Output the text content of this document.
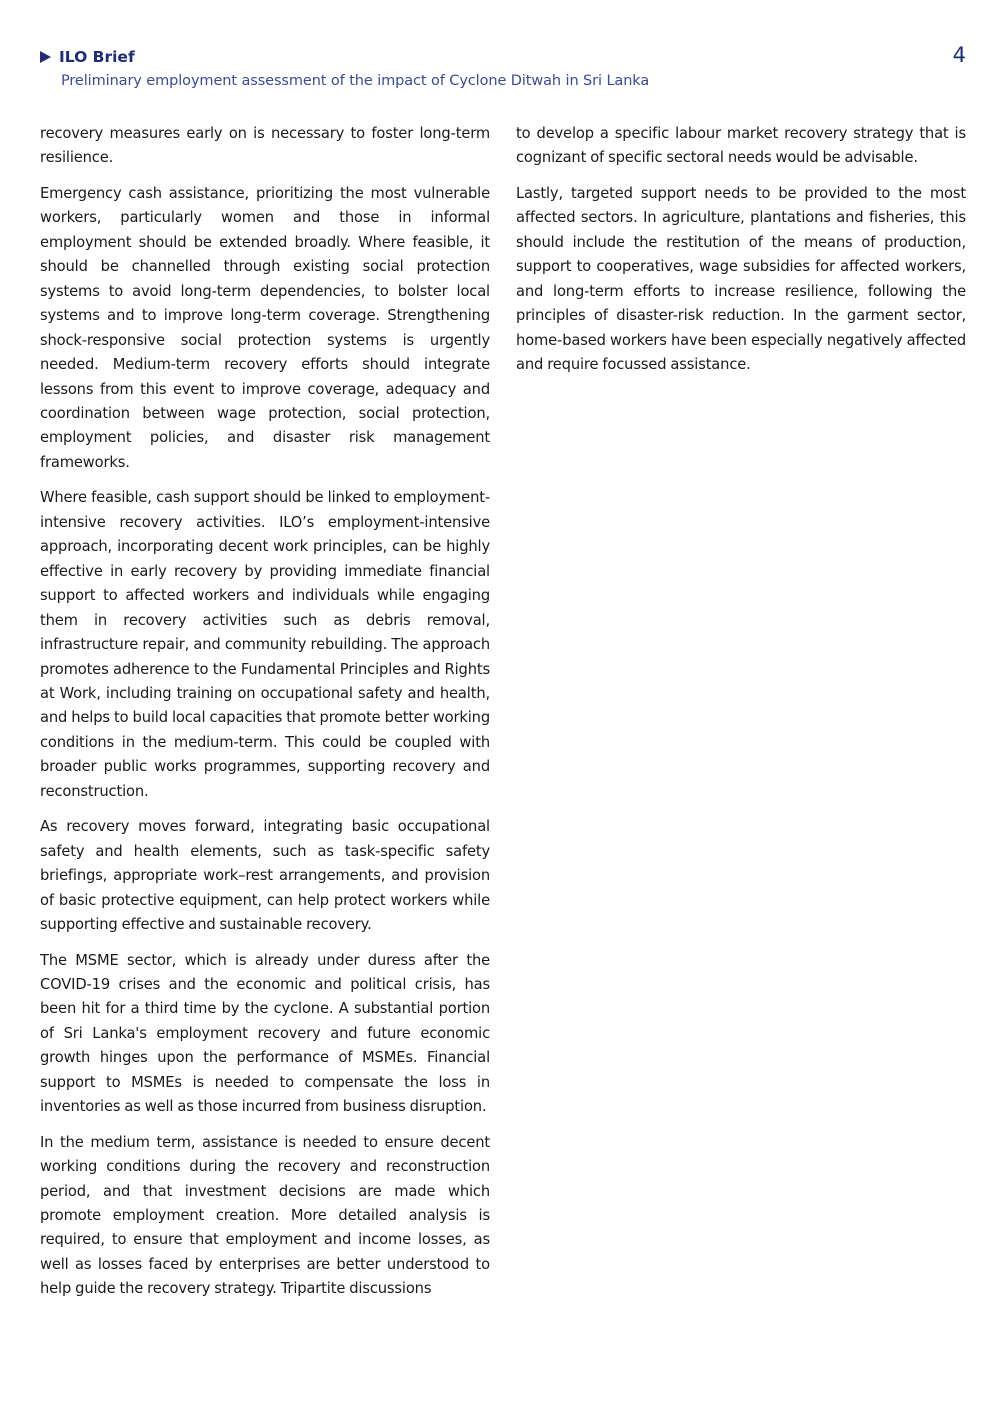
ILO Brief
Preliminary employment assessment of the impact of Cyclone Ditwah in Sri Lanka
4

recovery measures early on is necessary to foster long-term resilience.

Emergency cash assistance, prioritizing the most vulnerable workers, particularly women and those in informal employment should be extended broadly. Where feasible, it should be channelled through existing social protection systems to avoid long-term dependencies, to bolster local systems and to improve long-term coverage. Strengthening shock-responsive social protection systems is urgently needed. Medium-term recovery efforts should integrate lessons from this event to improve coverage, adequacy and coordination between wage protection, social protection, employment policies, and disaster risk management frameworks.

Where feasible, cash support should be linked to employment-intensive recovery activities. ILO’s employment-intensive approach, incorporating decent work principles, can be highly effective in early recovery by providing immediate financial support to affected workers and individuals while engaging them in recovery activities such as debris removal, infrastructure repair, and community rebuilding. The approach promotes adherence to the Fundamental Principles and Rights at Work, including training on occupational safety and health, and helps to build local capacities that promote better working conditions in the medium-term. This could be coupled with broader public works programmes, supporting recovery and reconstruction.

As recovery moves forward, integrating basic occupational safety and health elements, such as task-specific safety briefings, appropriate work–rest arrangements, and provision of basic protective equipment, can help protect workers while supporting effective and sustainable recovery.

The MSME sector, which is already under duress after the COVID-19 crises and the economic and political crisis, has been hit for a third time by the cyclone. A substantial portion of Sri Lanka's employment recovery and future economic growth hinges upon the performance of MSMEs. Financial support to MSMEs is needed to compensate the loss in inventories as well as those incurred from business disruption.

In the medium term, assistance is needed to ensure decent working conditions during the recovery and reconstruction period, and that investment decisions are made which promote employment creation. More detailed analysis is required, to ensure that employment and income losses, as well as losses faced by enterprises are better understood to help guide the recovery strategy. Tripartite discussions

to develop a specific labour market recovery strategy that is cognizant of specific sectoral needs would be advisable.

Lastly, targeted support needs to be provided to the most affected sectors. In agriculture, plantations and fisheries, this should include the restitution of the means of production, support to cooperatives, wage subsidies for affected workers, and long-term efforts to increase resilience, following the principles of disaster-risk reduction. In the garment sector, home-based workers have been especially negatively affected and require focussed assistance.
